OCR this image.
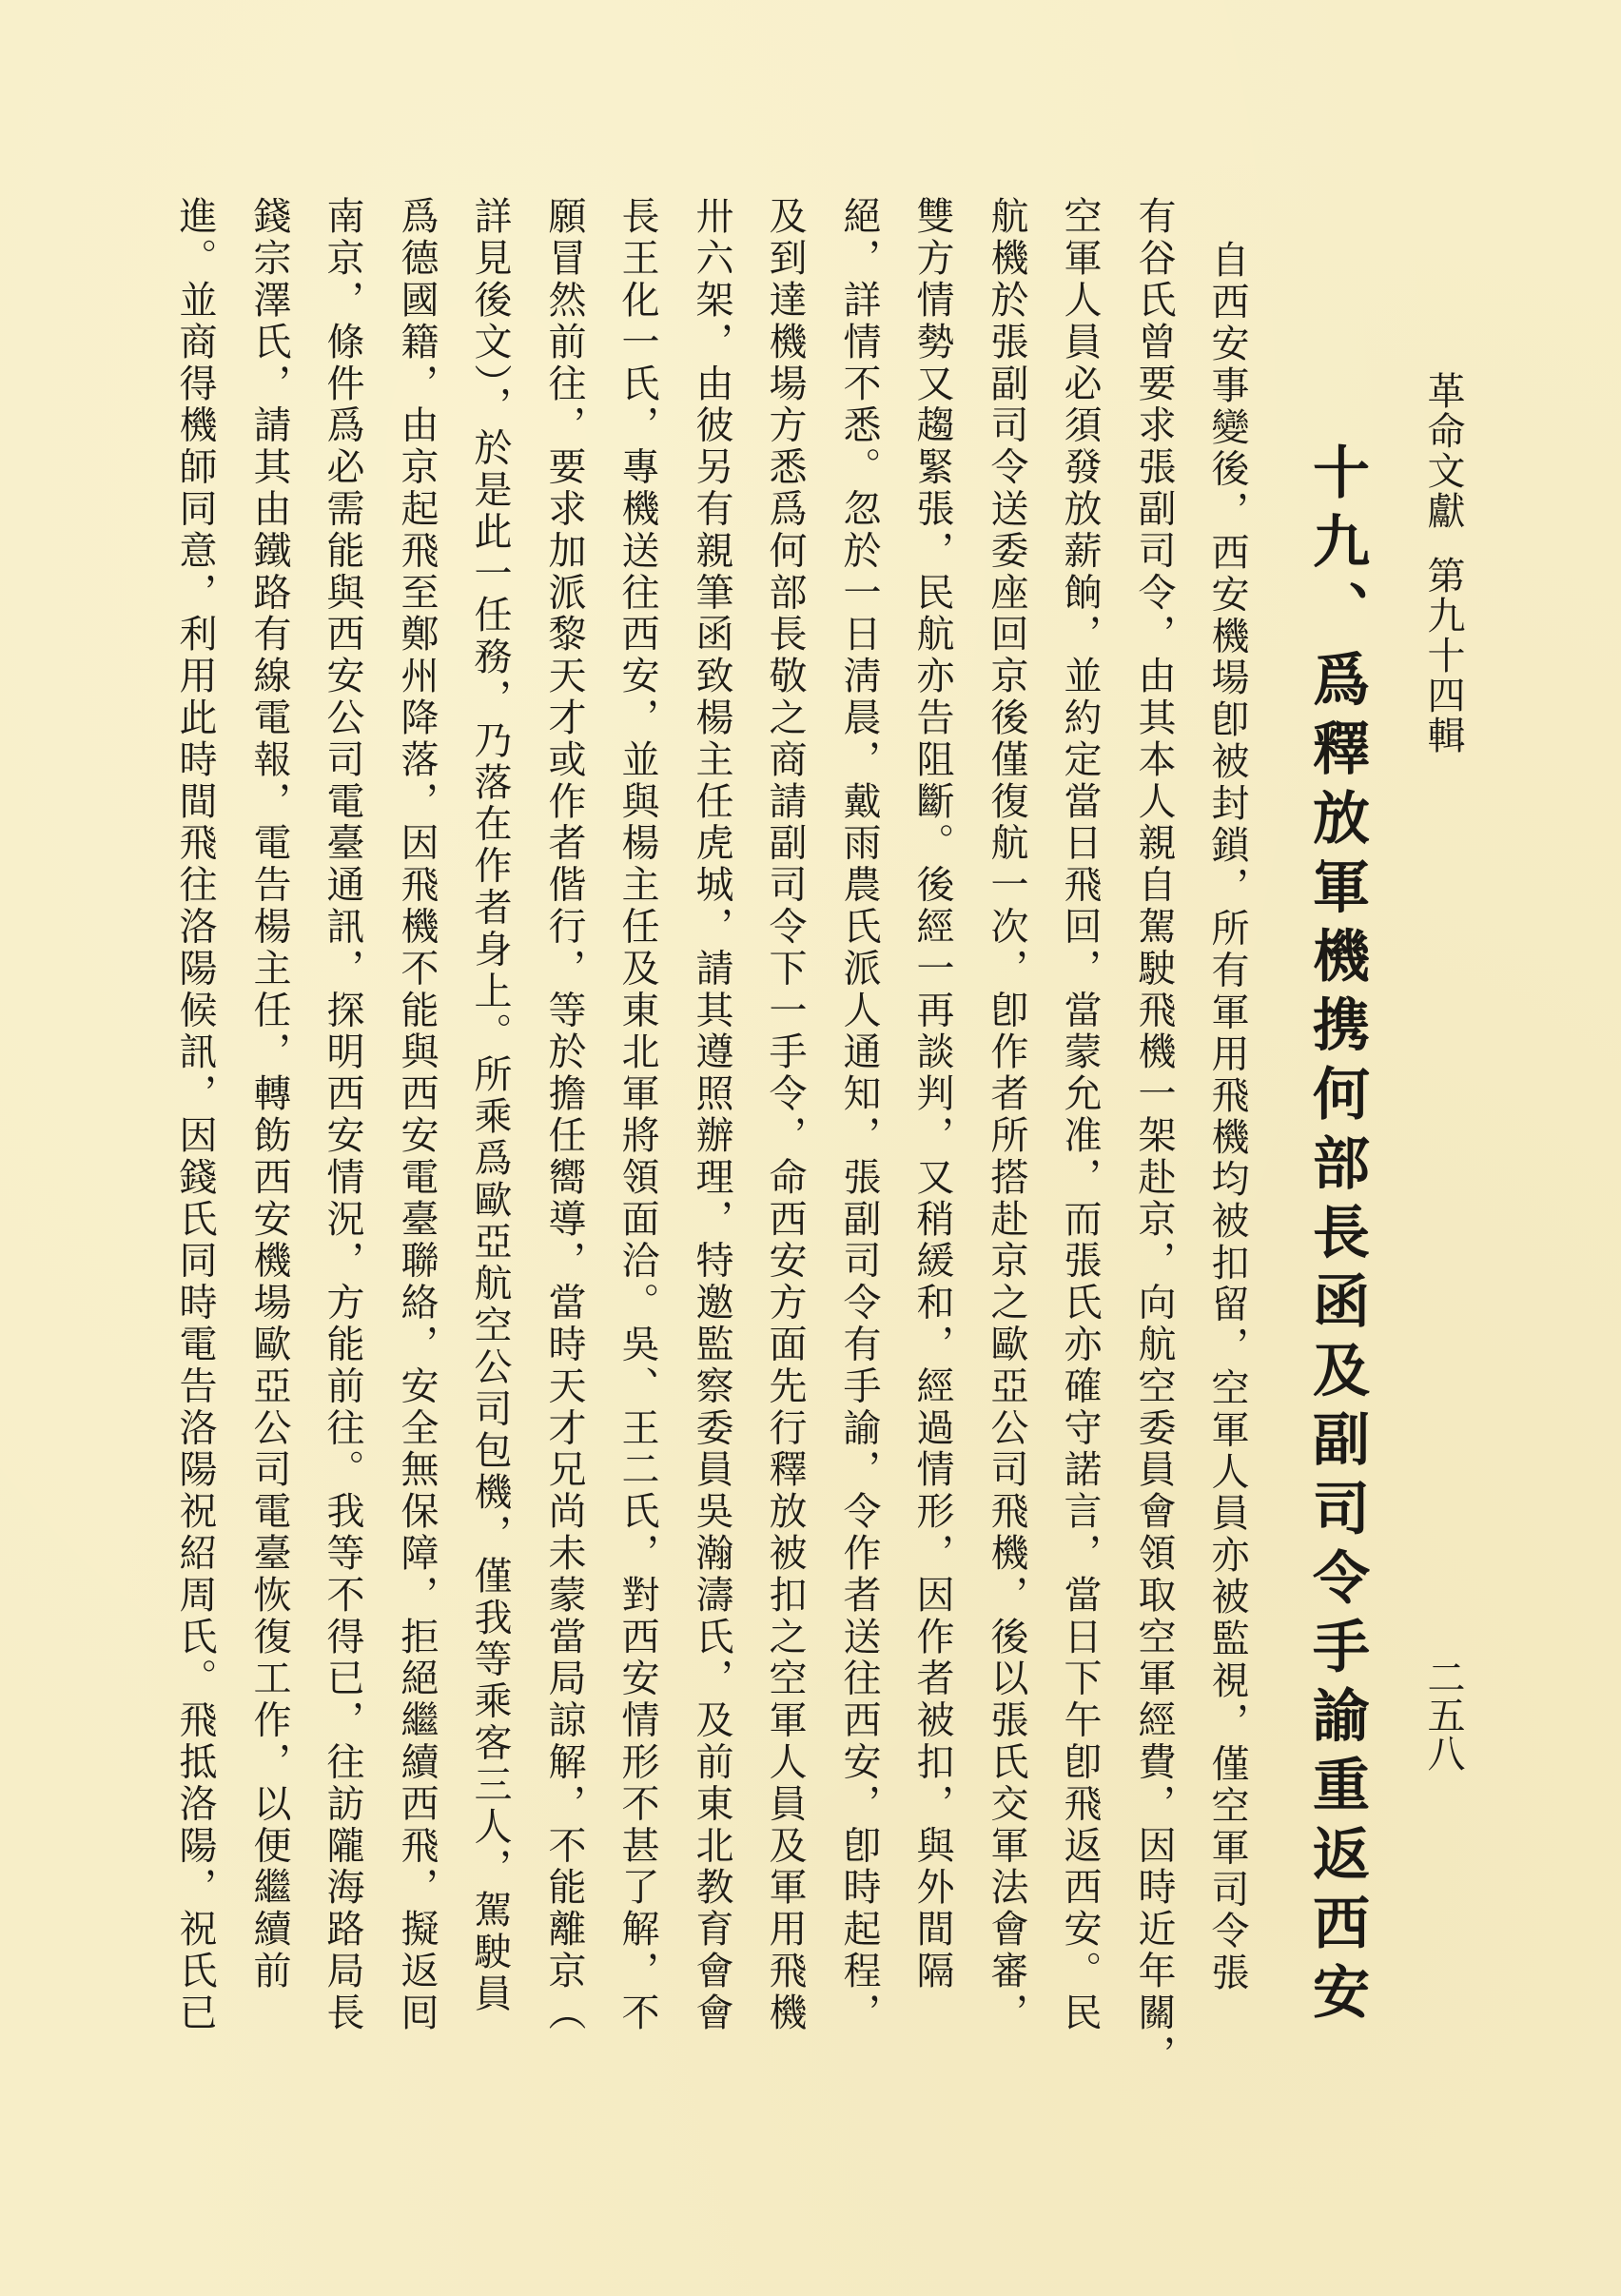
革命文獻第九十四輯
二五八
十九、爲釋放軍機携何部長函及副司令手諭重返西安
自西安事變後，西安機場卽被封鎖，所有軍用飛機均被扣留，空軍人員亦被監視，僅空軍司令張
有谷氏曾要求張副司令，由其本人親自駕駛飛機一架赴京，向航空委員會領取空軍經費，因時近年關，
空軍人員必須發放薪餉，並約定當日飛回，當蒙允准，而張氏亦確守諾言，當日下午卽飛返西安。民
航機於張副司令送委座回京後僅復航一次，卽作者所搭赴京之歐亞公司飛機，後以張氏交軍法會審，
雙方情勢又趨緊張，民航亦告阻斷。後經一再談判，又稍緩和，經過情形，因作者被扣，與外間隔
絕，詳情不悉。忽於一日淸晨，戴雨農氏派人通知，張副司令有手諭，令作者送往西安，卽時起程，
及到達機場方悉爲何部長敬之商請副司令下一手令，命西安方面先行釋放被扣之空軍人員及軍用飛機
卅六架，由彼另有親筆函致楊主任虎城，請其遵照辦理，特邀監察委員吳瀚濤氏，及前東北教育會會
長王化一氏，專機送往西安，並與楊主任及東北軍將領面洽。吳、王二氏，對西安情形不甚了解，不
願冒然前往，要求加派黎天才或作者偕行，等於擔任嚮導，當時天才兄尚未蒙當局諒解，不能離京（
詳見後文），於是此一任務，乃落在作者身上。所乘爲歐亞航空公司包機，僅我等乘客三人，駕駛員
爲德國籍，由京起飛至鄭州降落，因飛機不能與西安電臺聯絡，安全無保障，拒絕繼續西飛，擬返囘
南京，條件爲必需能與西安公司電臺通訊，探明西安情況，方能前往。我等不得已，往訪隴海路局長
錢宗澤氏，請其由鐵路有線電報，電告楊主任，轉飭西安機場歐亞公司電臺恢復工作，以便繼續前
進。並商得機師同意，利用此時間飛往洛陽候訊，因錢氏同時電告洛陽祝紹周氏。飛抵洛陽，祝氏已
